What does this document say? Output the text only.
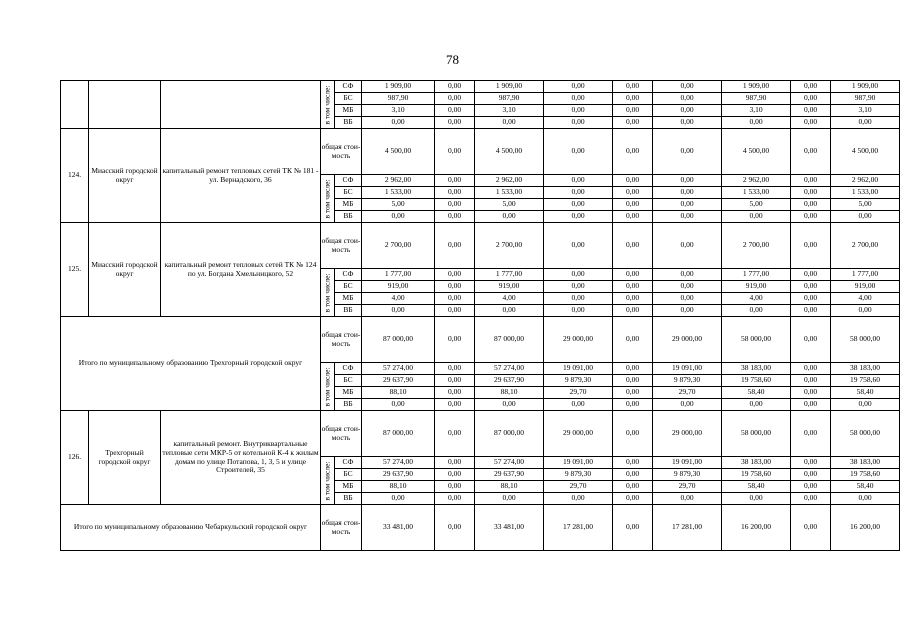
78

			в том числе:	СФ	1 909,00	0,00	1 909,00	0,00	0,00	0,00	1 909,00	0,00	1 909,00
				БС	987,90	0,00	987,90	0,00	0,00	0,00	987,90	0,00	987,90
				МБ	3,10	0,00	3,10	0,00	0,00	0,00	3,10	0,00	3,10
				ВБ	0,00	0,00	0,00	0,00	0,00	0,00	0,00	0,00	0,00
124.	Миасский городской округ	капитальный ремонт тепловых сетей ТК № 181 - ул. Вернадского, 36	общая стои-мость		4 500,00	0,00	4 500,00	0,00	0,00	0,00	4 500,00	0,00	4 500,00

			в том числе:	СФ	2 962,00	0,00	2 962,00	0,00	0,00	0,00	2 962,00	0,00	2 962,00
				БС	1 533,00	0,00	1 533,00	0,00	0,00	0,00	1 533,00	0,00	1 533,00
				МБ	5,00	0,00	5,00	0,00	0,00	0,00	5,00	0,00	5,00
				ВБ	0,00	0,00	0,00	0,00	0,00	0,00	0,00	0,00	0,00
125.	Миасский городской округ	капитальный ремонт тепловых сетей ТК № 124 по ул. Богдана Хмельницкого, 52	общая стои-мость		2 700,00	0,00	2 700,00	0,00	0,00	0,00	2 700,00	0,00	2 700,00

			в том числе:	СФ	1 777,00	0,00	1 777,00	0,00	0,00	0,00	1 777,00	0,00	1 777,00
				БС	919,00	0,00	919,00	0,00	0,00	0,00	919,00	0,00	919,00
				МБ	4,00	0,00	4,00	0,00	0,00	0,00	4,00	0,00	4,00
				ВБ	0,00	0,00	0,00	0,00	0,00	0,00	0,00	0,00	0,00
Итого по муниципальному образованию Трехгорный городской округ			общая стои-мость		87 000,00	0,00	87 000,00	29 000,00	0,00	29 000,00	58 000,00	0,00	58 000,00

			в том числе:	СФ	57 274,00	0,00	57 274,00	19 091,00	0,00	19 091,00	38 183,00	0,00	38 183,00
				БС	29 637,90	0,00	29 637,90	9 879,30	0,00	9 879,30	19 758,60	0,00	19 758,60
				МБ	88,10	0,00	88,10	29,70	0,00	29,70	58,40	0,00	58,40
				ВБ	0,00	0,00	0,00	0,00	0,00	0,00	0,00	0,00	0,00
126.	Трехгорный городской округ	капитальный ремонт. Внутриквартальные тепловые сети МКР-5 от котельной К-4 к жилым домам по улице Потапова, 1, 3, 5 и улице Строителей, 35	общая стои-мость		87 000,00	0,00	87 000,00	29 000,00	0,00	29 000,00	58 000,00	0,00	58 000,00

			в том числе:	СФ	57 274,00	0,00	57 274,00	19 091,00	0,00	19 091,00	38 183,00	0,00	38 183,00
				БС	29 637,90	0,00	29 637,90	9 879,30	0,00	9 879,30	19 758,60	0,00	19 758,60
				МБ	88,10	0,00	88,10	29,70	0,00	29,70	58,40	0,00	58,40
				ВБ	0,00	0,00	0,00	0,00	0,00	0,00	0,00	0,00	0,00
Итого по муниципальному образованию Чебаркульский городской округ			общая стои-мость		33 481,00	0,00	33 481,00	17 281,00	0,00	17 281,00	16 200,00	0,00	16 200,00
